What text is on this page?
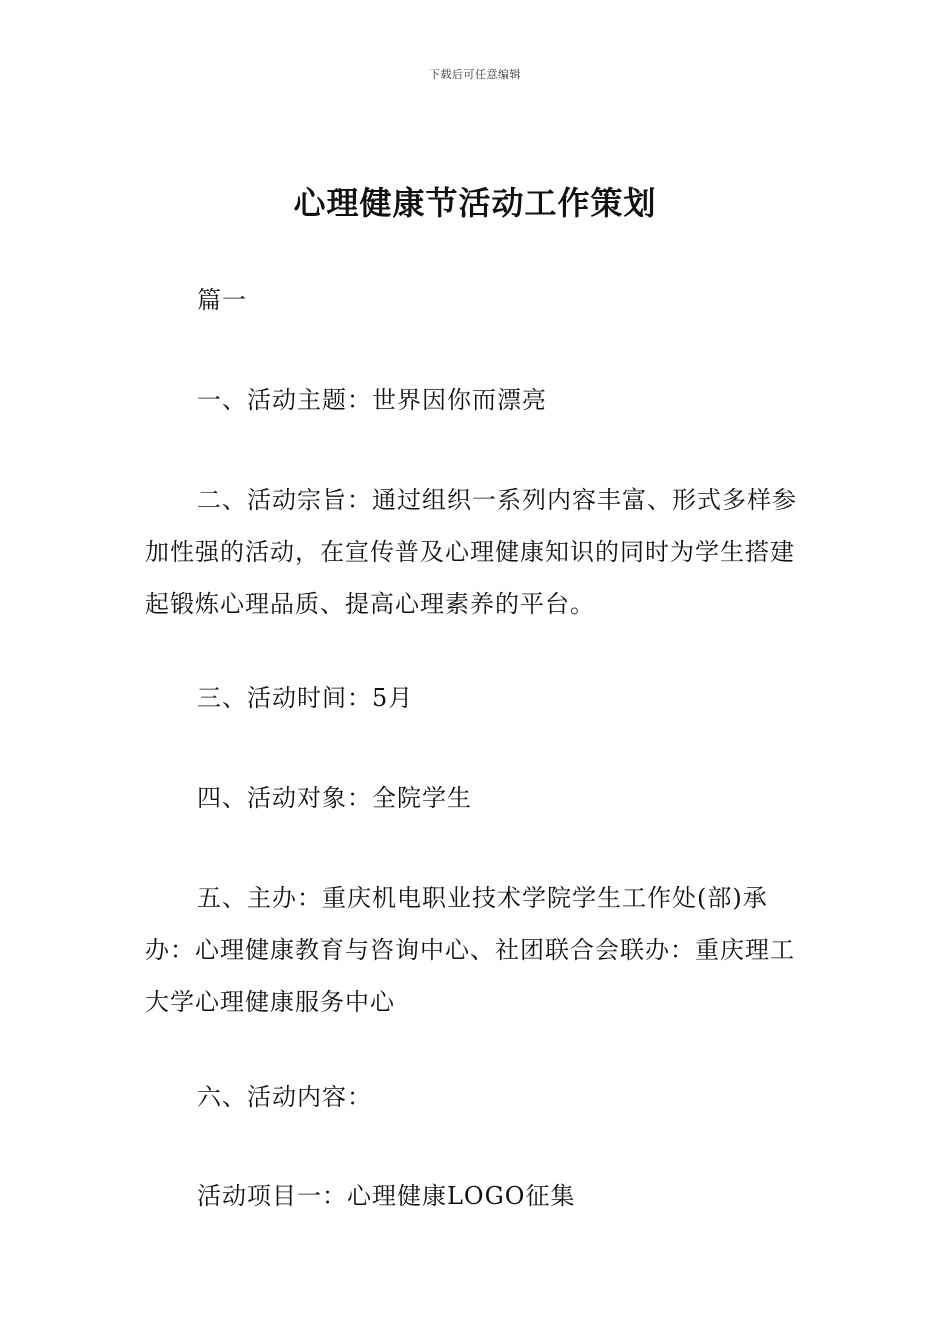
下载后可任意编辑
心理健康节活动工作策划

篇一

一、活动主题：世界因你而漂亮

二、活动宗旨：通过组织一系列内容丰富、形式多样参加性强的活动，在宣传普及心理健康知识的同时为学生搭建起锻炼心理品质、提高心理素养的平台。

三、活动时间：5月

四、活动对象：全院学生

五、主办：重庆机电职业技术学院学生工作处(部)承办：心理健康教育与咨询中心、社团联合会联办：重庆理工大学心理健康服务中心

六、活动内容：

活动项目一：心理健康LOGO征集
